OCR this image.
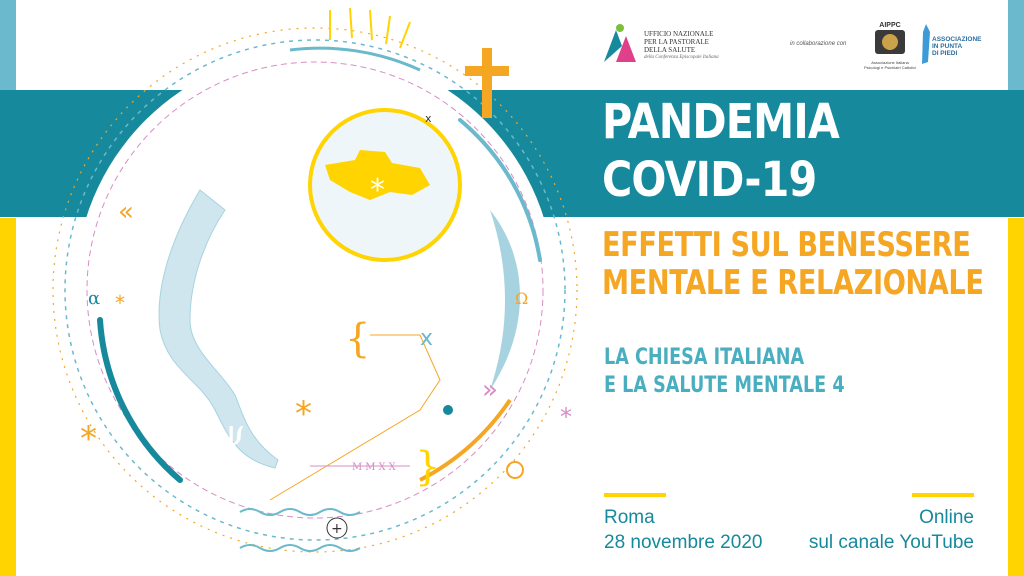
UFFICIO NAZIONALE
PER LA PASTORALE
DELLA SALUTE
della Conferenza Episcopale Italiana
in collaborazione con
AIPPC
Associazione Italiana
Psicologi e Psichiatri Cattolici
ASSOCIAZIONE
IN PUNTA
DI PIEDI
*
*
*
*
*
«
»
{
}
α	Ω
ψ
x
x
MMXX
+
PANDEMIA
COVID-19
EFFETTI SUL BENESSERE
MENTALE E RELAZIONALE
LA CHIESA ITALIANA
E LA SALUTE MENTALE 4

Roma
28 novembre 2020

Online
sul canale YouTube
